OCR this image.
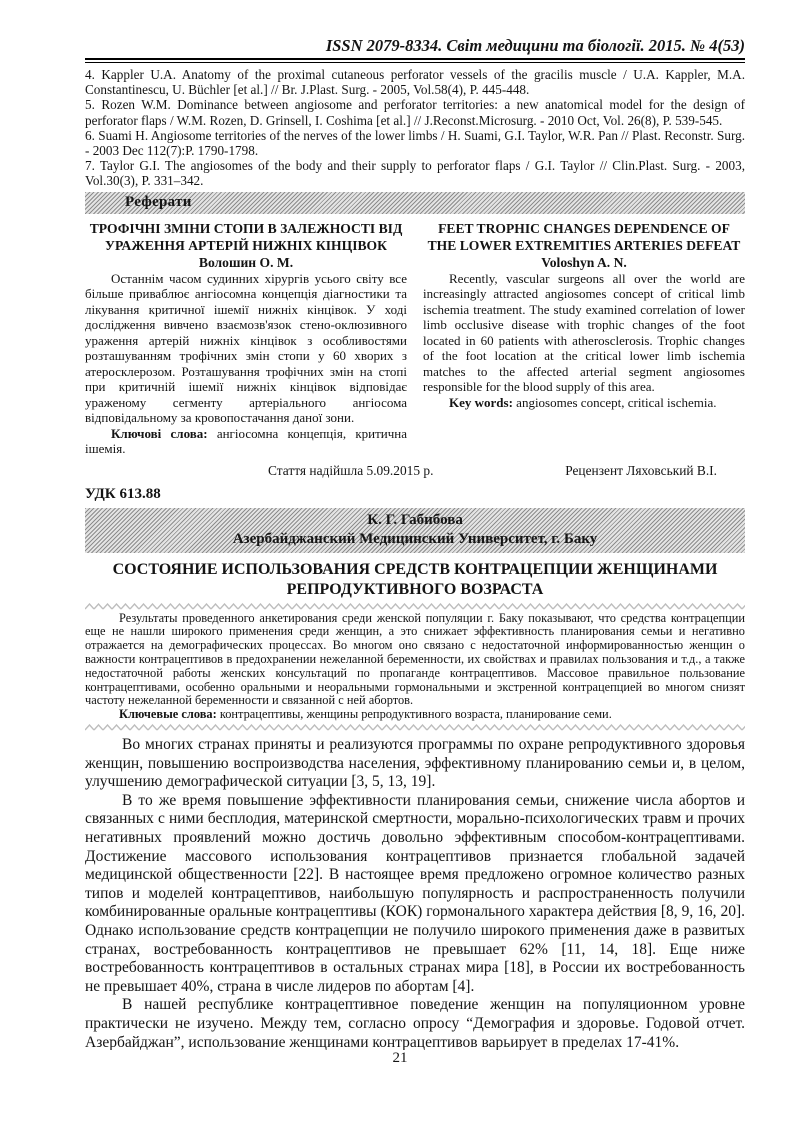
ISSN 2079-8334. Світ медицини та біології. 2015. № 4(53)

4. Kappler U.A. Anatomy of the proximal cutaneous perforator vessels of the gracilis muscle / U.A. Kappler, M.A. Constantinescu, U. Büchler [et al.] // Br. J.Plast. Surg. - 2005, Vol.58(4), P. 445-448.

5. Rozen W.M. Dominance between angiosome and perforator territories: a new anatomical model for the design of perforator flaps / W.M. Rozen, D. Grinsell, I. Coshima [et al.] // J.Reconst.Microsurg. - 2010 Oct, Vol. 26(8), P. 539-545.

6. Suami H. Angiosome territories of the nerves of the lower limbs / H. Suami, G.I. Taylor, W.R. Pan // Plast. Reconstr. Surg. - 2003 Dec 112(7):P. 1790-1798.

7. Taylor G.I. The angiosomes of the body and their supply to perforator flaps / G.I. Taylor // Clin.Plast. Surg. - 2003, Vol.30(3), P. 331–342.

Реферати

ТРОФІЧНІ ЗМІНИ СТОПИ В ЗАЛЕЖНОСТІ ВІД УРАЖЕННЯ АРТЕРІЙ НИЖНІХ КІНЦІВОК

Волошин О. М.

Останнім часом судинних хірургів усього світу все більше приваблює ангіосомна концепція діагностики та лікування критичної ішемії нижніх кінцівок. У ході дослідження вивчено взаємозв'язок стено-оклюзивного ураження артерій нижніх кінцівок з особливостями розташуванням трофічних змін стопи у 60 хворих з атеросклерозом. Розташування трофічних змін на стопі при критичній ішемії нижніх кінцівок відповідає ураженому сегменту артеріального ангіосома відповідальному за кровопостачання даної зони.

Ключові слова: ангіосомна концепція, критична ішемія.

FEET TROPHIC CHANGES DEPENDENCE OF THE LOWER EXTREMITIES ARTERIES DEFEAT

Voloshyn A. N.

Recently, vascular surgeons all over the world are increasingly attracted angiosomes concept of critical limb ischemia treatment. The study examined correlation of lower limb occlusive disease with trophic changes of the foot located in 60 patients with atherosclerosis. Trophic changes of the foot location at the critical lower limb ischemia matches to the affected arterial segment angiosomes responsible for the blood supply of this area.

Key words: angiosomes concept, critical ischemia.

Стаття надійшла 5.09.2015 р.	Рецензент Ляховський В.І.
УДК 613.88
К. Г. Габибова
Азербайджанский Медицинский Университет, г. Баку
СОСТОЯНИЕ ИСПОЛЬЗОВАНИЯ СРЕДСТВ КОНТРАЦЕПЦИИ ЖЕНЩИНАМИ РЕПРОДУКТИВНОГО ВОЗРАСТА

Результаты проведенного анкетирования среди женской популяции г. Баку показывают, что средства контрацепции еще не нашли широкого применения среди женщин, а это снижает эффективность планирования семьи и негативно отражается на демографических процессах. Во многом оно связано с недостаточной информированностью женщин о важности контрацептивов в предохранении нежеланной беременности, их свойствах и правилах пользования и т.д., а также недостаточной работы женских консультаций по пропаганде контрацептивов. Массовое правильное пользование контрацептивами, особенно оральными и неоральными гормональными и экстренной контрацепцией во многом снизят частоту нежеланной беременности и связанной с ней абортов.

Ключевые слова: контрацептивы, женщины репродуктивного возраста, планирование семи.

Во многих странах приняты и реализуются программы по охране репродуктивного здоровья женщин, повышению воспроизводства населения, эффективному планированию семьи и, в целом, улучшению демографической ситуации [3, 5, 13, 19].

В то же время повышение эффективности планирования семьи, снижение числа абортов и связанных с ними бесплодия, материнской смертности, морально-психологических травм и прочих негативных проявлений можно достичь довольно эффективным способом-контрацептивами. Достижение массового использования контрацептивов признается глобальной задачей медицинской общественности [22]. В настоящее время предложено огромное количество разных типов и моделей контрацептивов, наибольшую популярность и распространенность получили комбинированные оральные контрацептивы (КОК) гормонального характера действия [8, 9, 16, 20]. Однако использование средств контрацепции не получило широкого применения даже в развитых странах, востребованность контрацептивов не превышает 62% [11, 14, 18]. Еще ниже востребованность контрацептивов в остальных странах мира [18], в России их востребованность не превышает 40%, страна в числе лидеров по абортам [4].

В нашей республике контрацептивное поведение женщин на популяционном уровне практически не изучено. Между тем, согласно опросу “Демография и здоровье. Годовой отчет. Азербайджан”, использование женщинами контрацептивов варьирует в пределах 17-41%.

21
